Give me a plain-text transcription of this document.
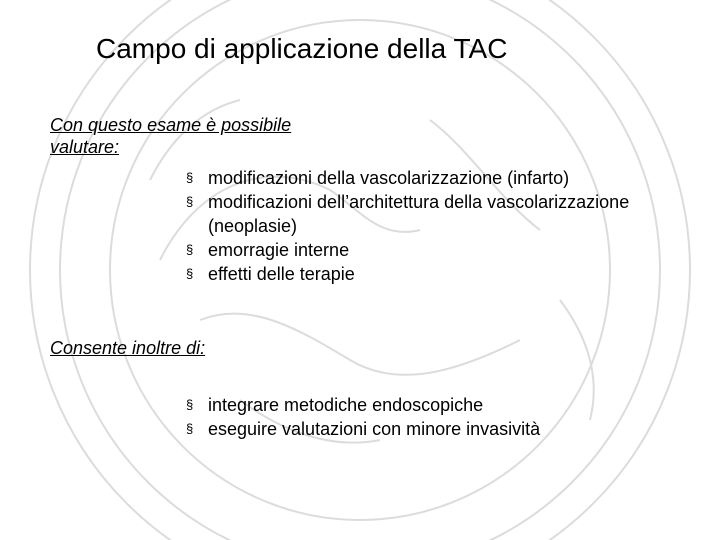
Campo di applicazione della TAC
Con questo esame è possibile valutare:
§ modificazioni della vascolarizzazione (infarto)
§ modificazioni dell’architettura della vascolarizzazione (neoplasie)
§ emorragie interne
§ effetti delle terapie
Consente inoltre di:
§ integrare metodiche endoscopiche
§ eseguire valutazioni con minore invasività
